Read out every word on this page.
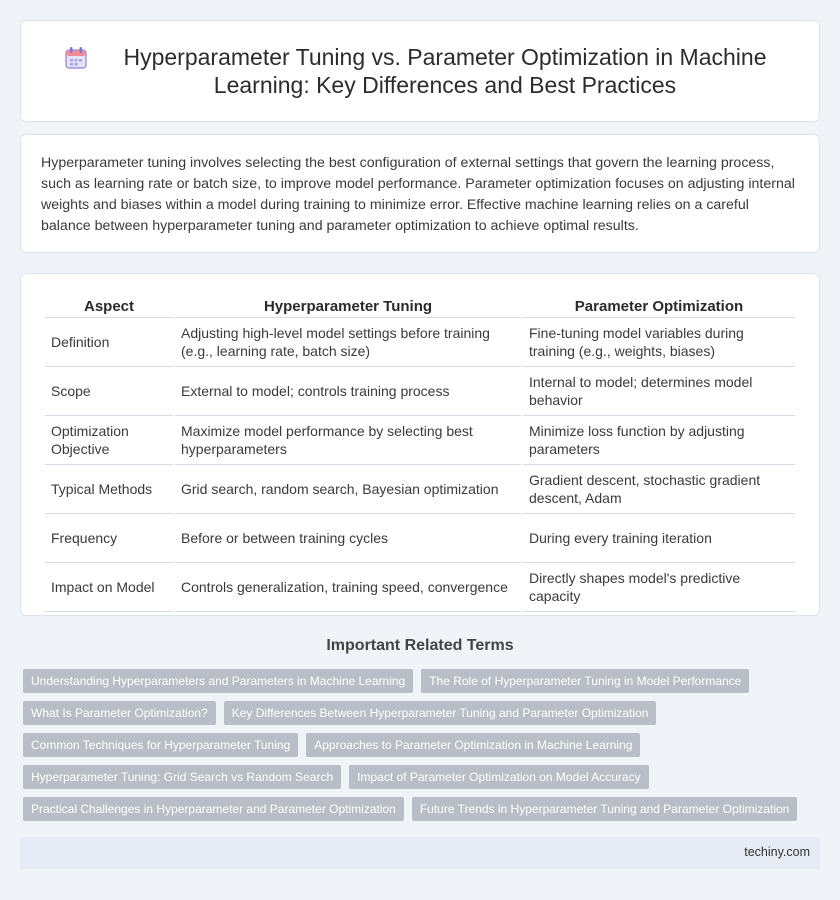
Hyperparameter Tuning vs. Parameter Optimization in Machine Learning: Key Differences and Best Practices

Hyperparameter tuning involves selecting the best configuration of external settings that govern the learning process, such as learning rate or batch size, to improve model performance. Parameter optimization focuses on adjusting internal weights and biases within a model during training to minimize error. Effective machine learning relies on a careful balance between hyperparameter tuning and parameter optimization to achieve optimal results.

Aspect	Hyperparameter Tuning	Parameter Optimization
Definition	Adjusting high-level model settings before training (e.g., learning rate, batch size)	Fine-tuning model variables during training (e.g., weights, biases)
Scope	External to model; controls training process	Internal to model; determines model behavior
Optimization Objective	Maximize model performance by selecting best hyperparameters	Minimize loss function by adjusting parameters
Typical Methods	Grid search, random search, Bayesian optimization	Gradient descent, stochastic gradient descent, Adam
Frequency	Before or between training cycles	During every training iteration
Impact on Model	Controls generalization, training speed, convergence	Directly shapes model's predictive capacity
Important Related Terms
Understanding Hyperparameters and Parameters in Machine Learning	The Role of Hyperparameter Tuning in Model Performance
What Is Parameter Optimization?	Key Differences Between Hyperparameter Tuning and Parameter Optimization
Common Techniques for Hyperparameter Tuning	Approaches to Parameter Optimization in Machine Learning
Hyperparameter Tuning: Grid Search vs Random Search	Impact of Parameter Optimization on Model Accuracy
Practical Challenges in Hyperparameter and Parameter Optimization	Future Trends in Hyperparameter Tuning and Parameter Optimization
techiny.com
